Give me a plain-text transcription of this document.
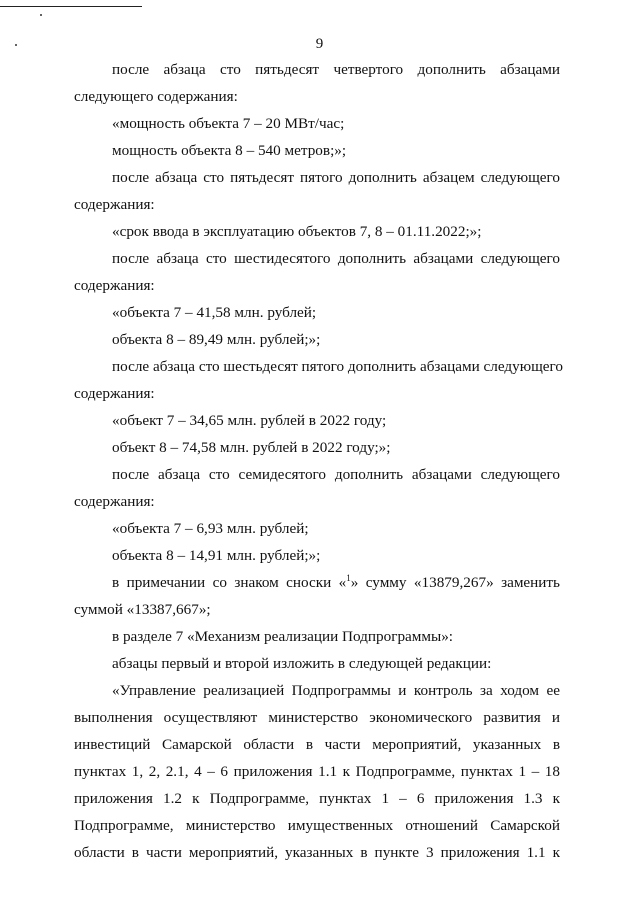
9
после абзаца сто пятьдесят четвертого дополнить абзацами
следующего содержания:
«мощность объекта 7 – 20 МВт/час;
мощность объекта 8 – 540 метров;»;
после абзаца сто пятьдесят пятого дополнить абзацем следующего
содержания:
«срок ввода в эксплуатацию объектов 7, 8 – 01.11.2022;»;
после абзаца сто шестидесятого дополнить абзацами следующего
содержания:
«объекта 7 – 41,58 млн. рублей;
объекта 8 – 89,49 млн. рублей;»;
после абзаца сто шестьдесят пятого дополнить абзацами следующего
содержания:
«объект 7 – 34,65 млн. рублей в 2022 году;
объект 8 – 74,58 млн. рублей в 2022 году;»;
после абзаца сто семидесятого дополнить абзацами следующего
содержания:
«объекта 7 – 6,93 млн. рублей;
объекта 8 – 14,91 млн. рублей;»;
в примечании со знаком сноски «$^1$» сумму «13879,267» заменить
суммой «13387,667»;
в разделе 7 «Механизм реализации Подпрограммы»:
абзацы первый и второй изложить в следующей редакции:
«Управление реализацией Подпрограммы и контроль за ходом ее
выполнения осуществляют министерство экономического развития и
инвестиций Самарской области в части мероприятий, указанных в
пунктах 1, 2, 2.1, 4 – 6 приложения 1.1 к Подпрограмме, пунктах 1 – 18
приложения 1.2 к Подпрограмме, пунктах 1 – 6 приложения 1.3 к
Подпрограмме, министерство имущественных отношений Самарской
области в части мероприятий, указанных в пункте 3 приложения 1.1 к
